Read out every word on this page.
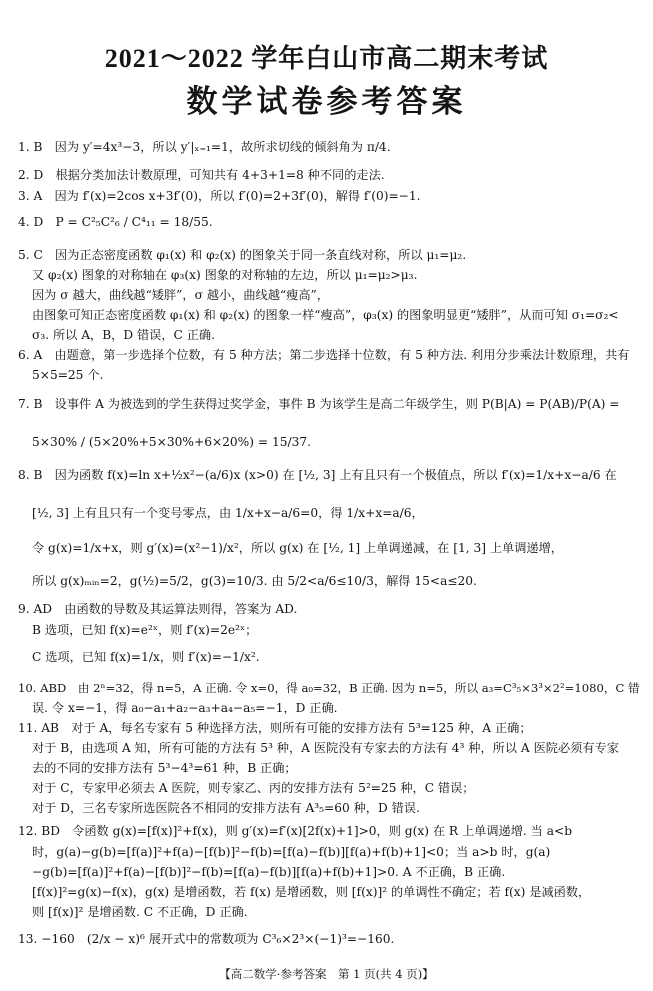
2021～2022 学年白山市高二期末考试
数学试卷参考答案
1. B　因为 y′=4x³−3，所以 y′|ₓ₌₁=1，故所求切线的倾斜角为 π/4.
2. D　根据分类加法计数原理，可知共有 4+3+1=8 种不同的走法.
3. A　因为 f′(x)=2cos x+3f′(0)，所以 f′(0)=2+3f′(0)，解得 f′(0)=−1.
4. D　P = C²₅C²₆ / C⁴₁₁ = 18/55.
5. C　因为正态密度函数 φ₁(x) 和 φ₂(x) 的图象关于同一条直线对称，所以 μ₁=μ₂.
又 φ₂(x) 图象的对称轴在 φ₃(x) 图象的对称轴的左边，所以 μ₁=μ₂>μ₃.
因为 σ 越大，曲线越“矮胖”，σ 越小，曲线越“瘦高”，
由图象可知正态密度函数 φ₁(x) 和 φ₂(x) 的图象一样“瘦高”，φ₃(x) 的图象明显更“矮胖”，从而可知 σ₁=σ₂<
σ₃. 所以 A，B，D 错误，C 正确.
6. A　由题意，第一步选择个位数，有 5 种方法；第二步选择十位数，有 5 种方法. 利用分步乘法计数原理，共有
5×5=25 个.
7. B　设事件 A 为被选到的学生获得过奖学金，事件 B 为该学生是高二年级学生，则 P(B|A) = P(AB)/P(A) =
5×30% / (5×20%+5×30%+6×20%) = 15/37.
8. B　因为函数 f(x)=ln x+½x²−(a/6)x (x>0) 在 [½, 3] 上有且只有一个极值点，所以 f′(x)=1/x+x−a/6 在
[½, 3] 上有且只有一个变号零点，由 1/x+x−a/6=0，得 1/x+x=a/6，
令 g(x)=1/x+x，则 g′(x)=(x²−1)/x²，所以 g(x) 在 [½, 1] 上单调递减，在 [1, 3] 上单调递增，
所以 g(x)ₘᵢₙ=2，g(½)=5/2，g(3)=10/3. 由 5/2<a/6≤10/3，解得 15<a≤20.
9. AD　由函数的导数及其运算法则得，答案为 AD.
B 选项，已知 f(x)=e²ˣ，则 f′(x)=2e²ˣ；
C 选项，已知 f(x)=1/x，则 f′(x)=−1/x².
10. ABD　由 2ⁿ=32，得 n=5，A 正确. 令 x=0，得 a₀=32，B 正确. 因为 n=5，所以 a₃=C³₅×3³×2²=1080，C 错
误. 令 x=−1，得 a₀−a₁+a₂−a₃+a₄−a₅=−1，D 正确.
11. AB　对于 A，每名专家有 5 种选择方法，则所有可能的安排方法有 5³=125 种，A 正确；
对于 B，由选项 A 知，所有可能的方法有 5³ 种，A 医院没有专家去的方法有 4³ 种，所以 A 医院必须有专家
去的不同的安排方法有 5³−4³=61 种，B 正确；
对于 C，专家甲必须去 A 医院，则专家乙、丙的安排方法有 5²=25 种，C 错误；
对于 D，三名专家所选医院各不相同的安排方法有 A³₅=60 种，D 错误.
12. BD　令函数 g(x)=[f(x)]²+f(x)，则 g′(x)=f′(x)[2f(x)+1]>0，则 g(x) 在 R 上单调递增. 当 a<b
时，g(a)−g(b)=[f(a)]²+f(a)−[f(b)]²−f(b)=[f(a)−f(b)][f(a)+f(b)+1]<0；当 a>b 时，g(a)
−g(b)=[f(a)]²+f(a)−[f(b)]²−f(b)=[f(a)−f(b)][f(a)+f(b)+1]>0. A 不正确，B 正确.
[f(x)]²=g(x)−f(x)，g(x) 是增函数，若 f(x) 是增函数，则 [f(x)]² 的单调性不确定；若 f(x) 是减函数，
则 [f(x)]² 是增函数. C 不正确，D 正确.
13. −160　(2/x − x)⁶ 展开式中的常数项为 C³₆×2³×(−1)³=−160.
【高二数学·参考答案　第 1 页(共 4 页)】
